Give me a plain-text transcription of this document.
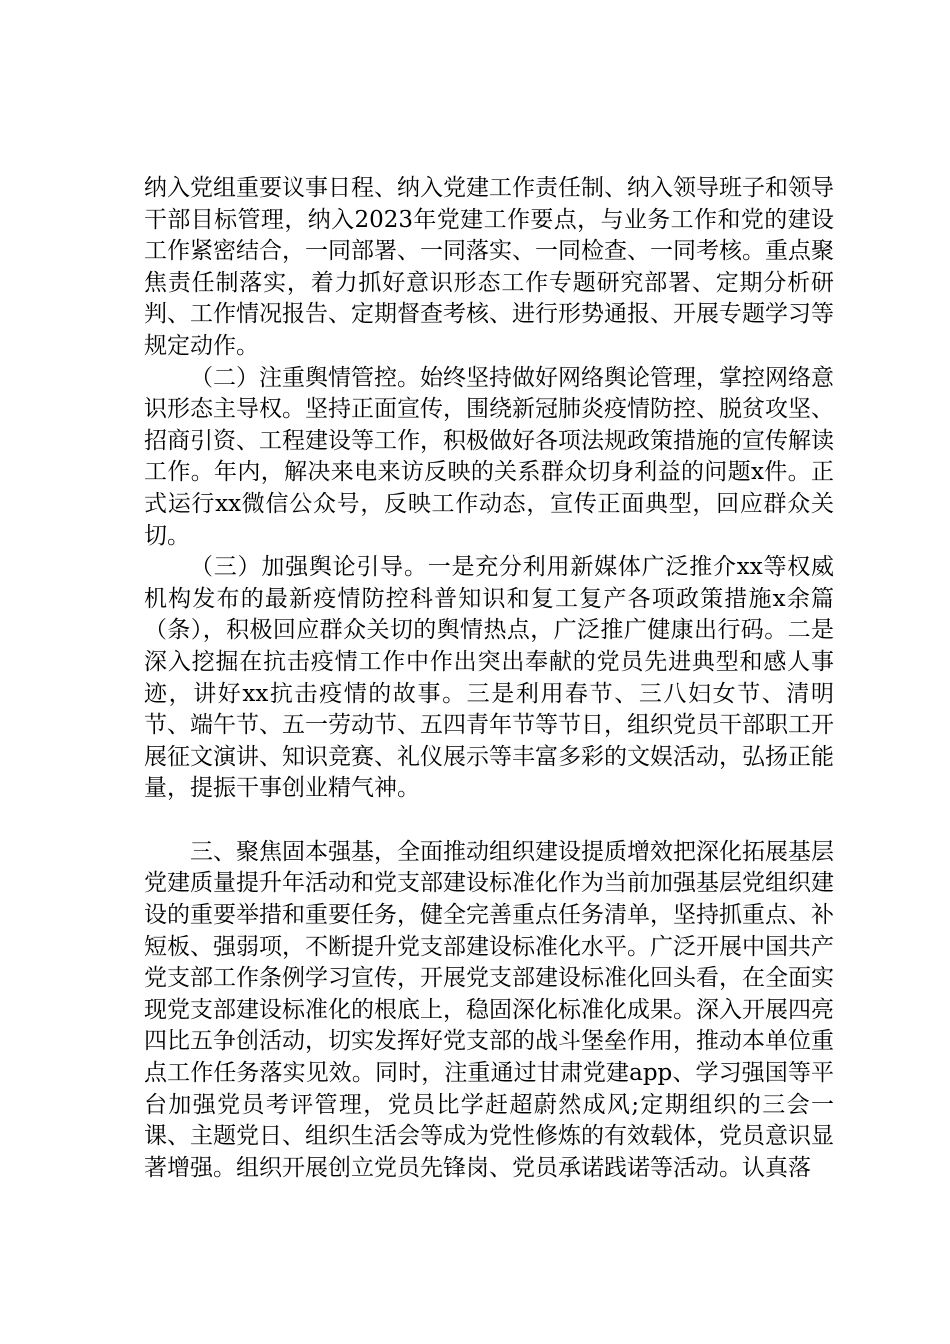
纳入党组重要议事日程、纳入党建工作责任制、纳入领导班子和领导干部目标管理，纳入2023年党建工作要点，与业务工作和党的建设工作紧密结合，一同部署、一同落实、一同检查、一同考核。重点聚焦责任制落实，着力抓好意识形态工作专题研究部署、定期分析研判、工作情况报告、定期督查考核、进行形势通报、开展专题学习等规定动作。

（二）注重舆情管控。始终坚持做好网络舆论管理，掌控网络意识形态主导权。坚持正面宣传，围绕新冠肺炎疫情防控、脱贫攻坚、招商引资、工程建设等工作，积极做好各项法规政策措施的宣传解读工作。年内，解决来电来访反映的关系群众切身利益的问题x件。正式运行xx微信公众号，反映工作动态，宣传正面典型，回应群众关切。

（三）加强舆论引导。一是充分利用新媒体广泛推介xx等权威机构发布的最新疫情防控科普知识和复工复产各项政策措施x余篇（条），积极回应群众关切的舆情热点，广泛推广健康出行码。二是深入挖掘在抗击疫情工作中作出突出奉献的党员先进典型和感人事迹，讲好xx抗击疫情的故事。三是利用春节、三八妇女节、清明节、端午节、五一劳动节、五四青年节等节日，组织党员干部职工开展征文演讲、知识竞赛、礼仪展示等丰富多彩的文娱活动，弘扬正能量，提振干事创业精气神。

三、聚焦固本强基，全面推动组织建设提质增效把深化拓展基层党建质量提升年活动和党支部建设标准化作为当前加强基层党组织建设的重要举措和重要任务，健全完善重点任务清单，坚持抓重点、补短板、强弱项，不断提升党支部建设标准化水平。广泛开展中国共产党支部工作条例学习宣传，开展党支部建设标准化回头看，在全面实现党支部建设标准化的根底上，稳固深化标准化成果。深入开展四亮四比五争创活动，切实发挥好党支部的战斗堡垒作用，推动本单位重点工作任务落实见效。同时，注重通过甘肃党建app、学习强国等平台加强党员考评管理，党员比学赶超蔚然成风;定期组织的三会一课、主题党日、组织生活会等成为党性修炼的有效载体，党员意识显著增强。组织开展创立党员先锋岗、党员承诺践诺等活动。认真落
